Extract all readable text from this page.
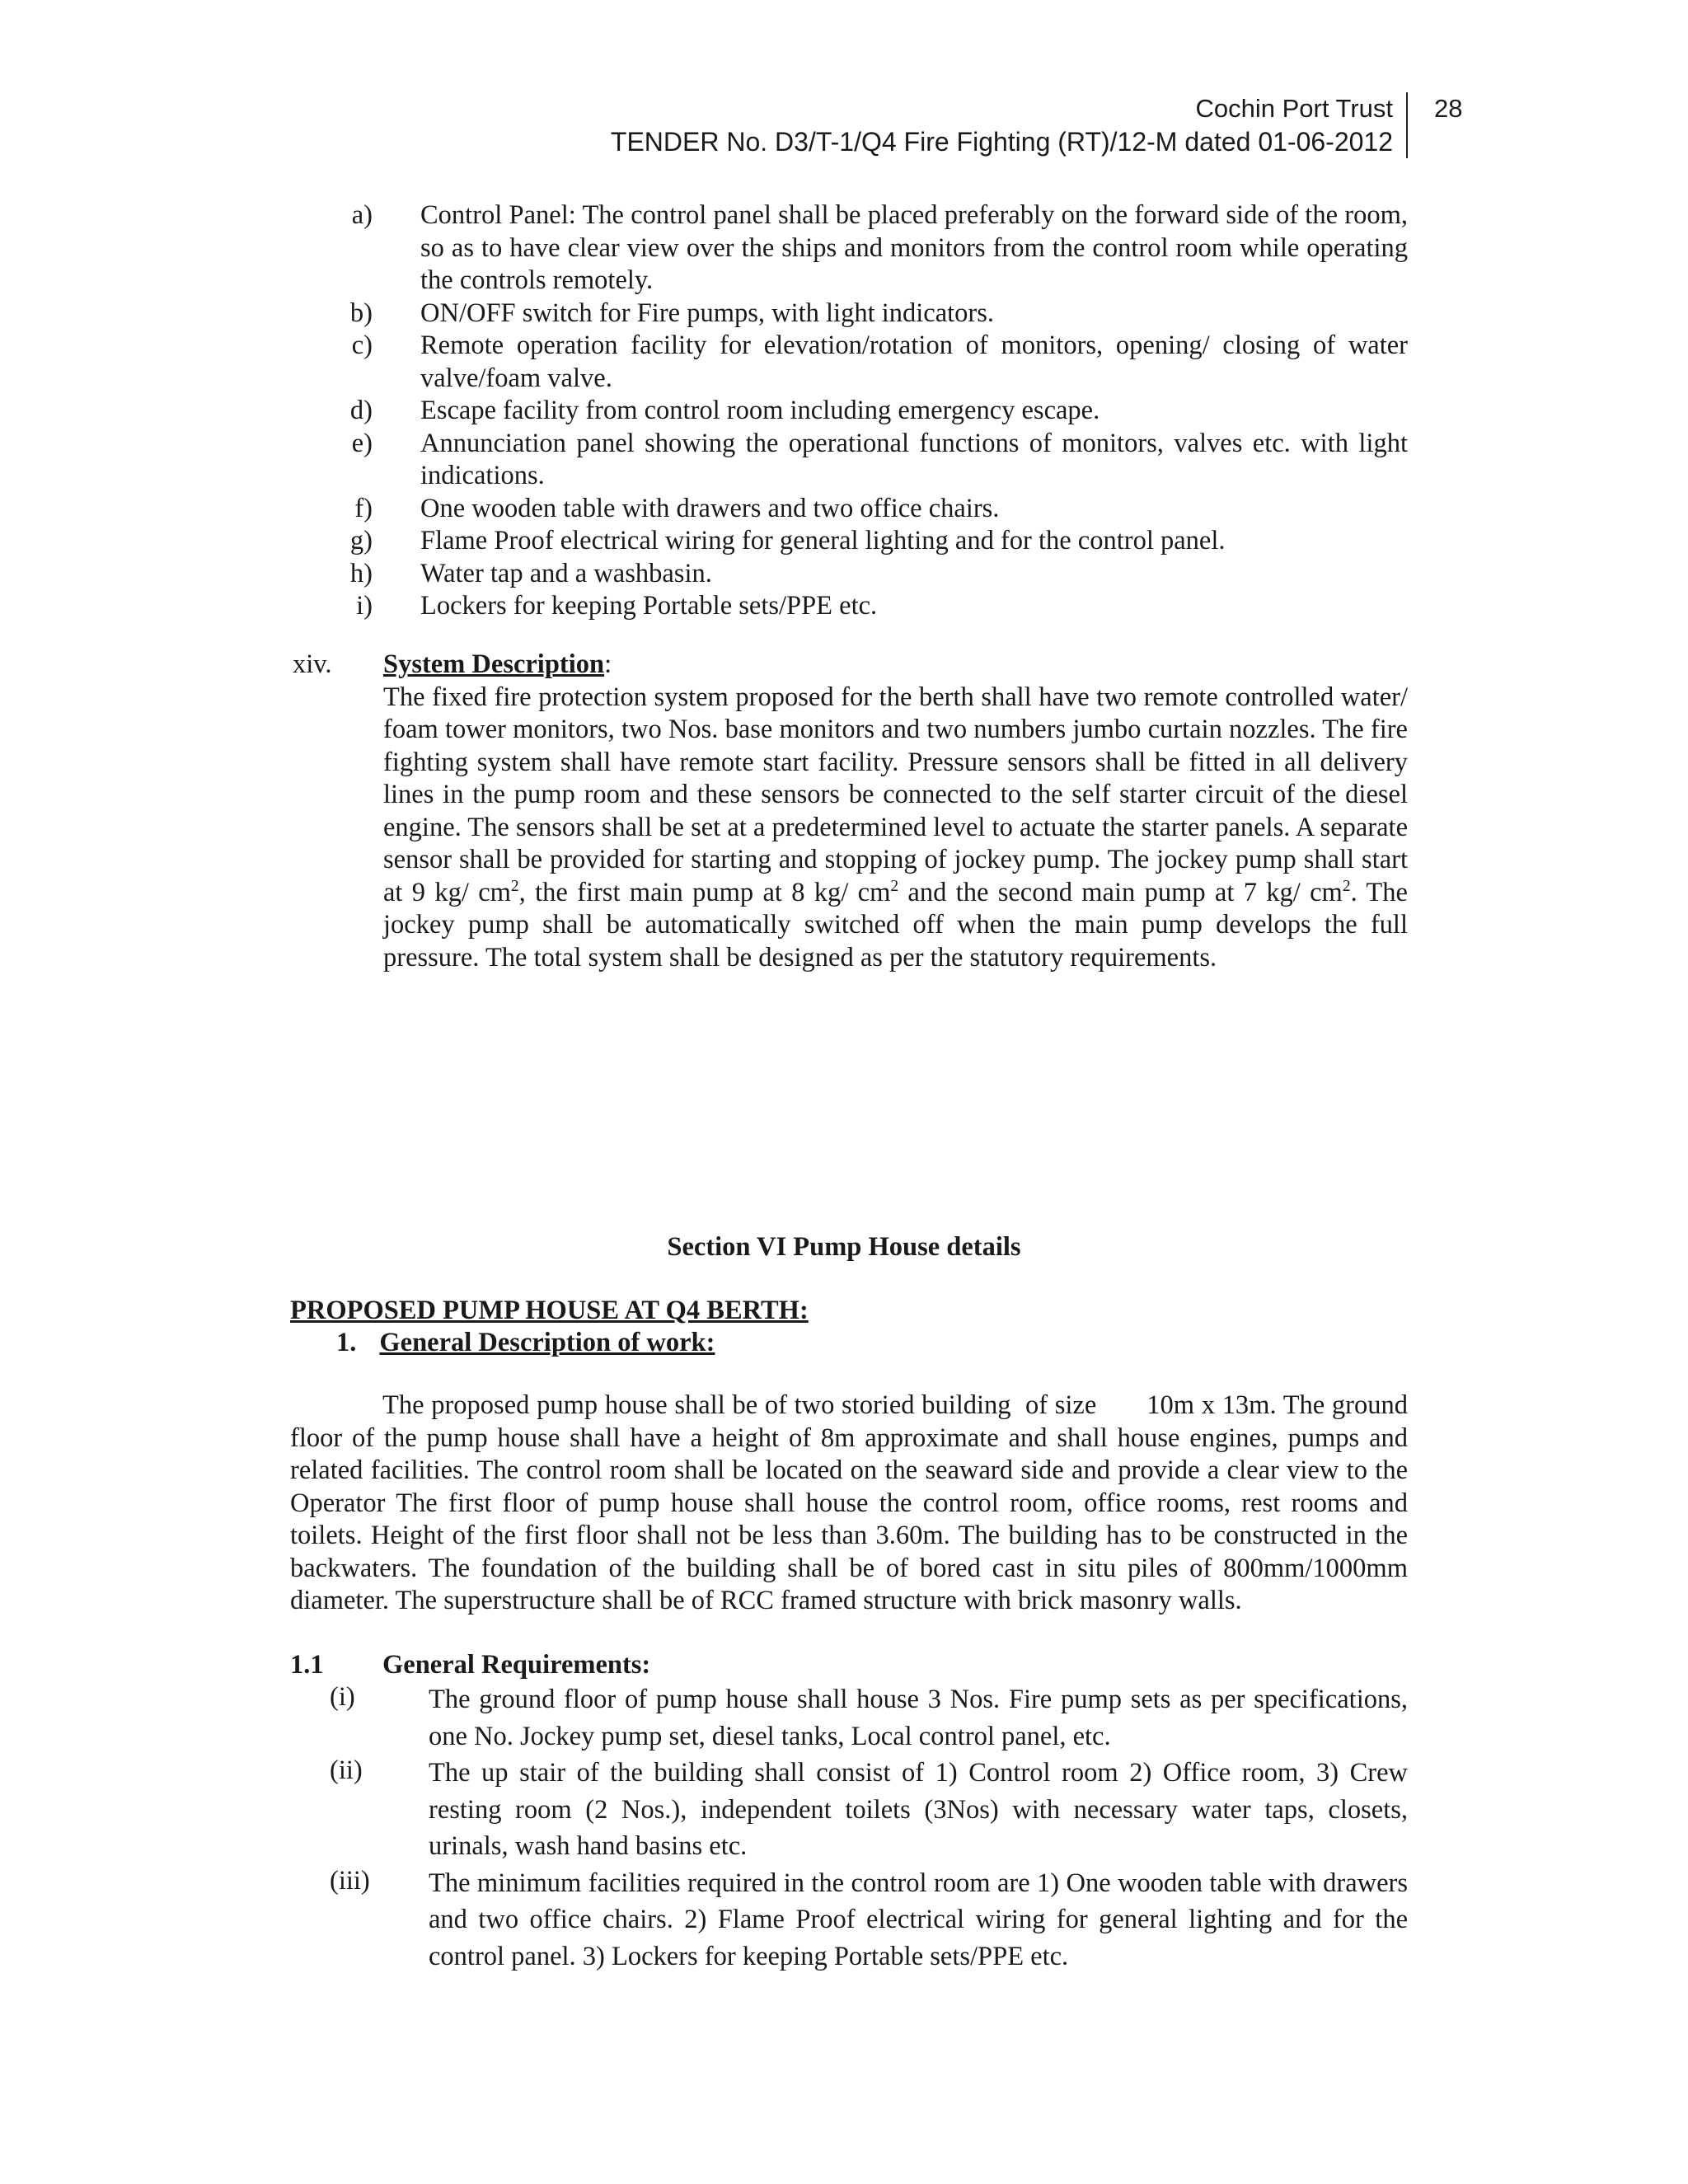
Cochin Port Trust
TENDER No. D3/T-1/Q4 Fire Fighting (RT)/12-M dated 01-06-2012
28
a) Control Panel: The control panel shall be placed preferably on the forward side of the room, so as to have clear view over the ships and monitors from the control room while operating the controls remotely.
b) ON/OFF switch for Fire pumps, with light indicators.
c) Remote operation facility for elevation/rotation of monitors, opening/ closing of water valve/foam valve.
d) Escape facility from control room including emergency escape.
e) Annunciation panel showing the operational functions of monitors, valves etc. with light indications.
f) One wooden table with drawers and two office chairs.
g) Flame Proof electrical wiring for general lighting and for the control panel.
h) Water tap and a washbasin.
i) Lockers for keeping Portable sets/PPE etc.
xiv. System Description:
The fixed fire protection system proposed for the berth shall have two remote controlled water/ foam tower monitors, two Nos. base monitors and two numbers jumbo curtain nozzles. The fire fighting system shall have remote start facility. Pressure sensors shall be fitted in all delivery lines in the pump room and these sensors be connected to the self starter circuit of the diesel engine. The sensors shall be set at a predetermined level to actuate the starter panels. A separate sensor shall be provided for starting and stopping of jockey pump. The jockey pump shall start at 9 kg/ $cm^2$, the first main pump at 8 kg/ $cm^2$ and the second main pump at 7 kg/ $cm^2$. The jockey pump shall be automatically switched off when the main pump develops the full pressure. The total system shall be designed as per the statutory requirements.
Section VI Pump House details
PROPOSED PUMP HOUSE AT Q4 BERTH:
1. General Description of work:
The proposed pump house shall be of two storied building  of size       10m x 13m. The ground floor of the pump house shall have a height of 8m approximate and shall house engines, pumps and related facilities. The control room shall be located on the seaward side and provide a clear view to the Operator The first floor of pump house shall house the control room, office rooms, rest rooms and toilets. Height of the first floor shall not be less than 3.60m. The building has to be constructed in the backwaters. The foundation of the building shall be of bored cast in situ piles of 800mm/1000mm diameter. The superstructure shall be of RCC framed structure with brick masonry walls.
1.1 General Requirements:
(i)	The ground floor of pump house shall house 3 Nos. Fire pump sets as per specifications, one No. Jockey pump set, diesel tanks, Local control panel, etc.
(ii) The up stair of the building shall consist of 1) Control room 2) Office room, 3) Crew resting room (2 Nos.), independent toilets (3Nos) with necessary water taps, closets, urinals, wash hand basins etc.
(iii) The minimum facilities required in the control room are 1) One wooden table with drawers and two office chairs. 2) Flame Proof electrical wiring for general lighting and for the control panel. 3) Lockers for keeping Portable sets/PPE etc.
